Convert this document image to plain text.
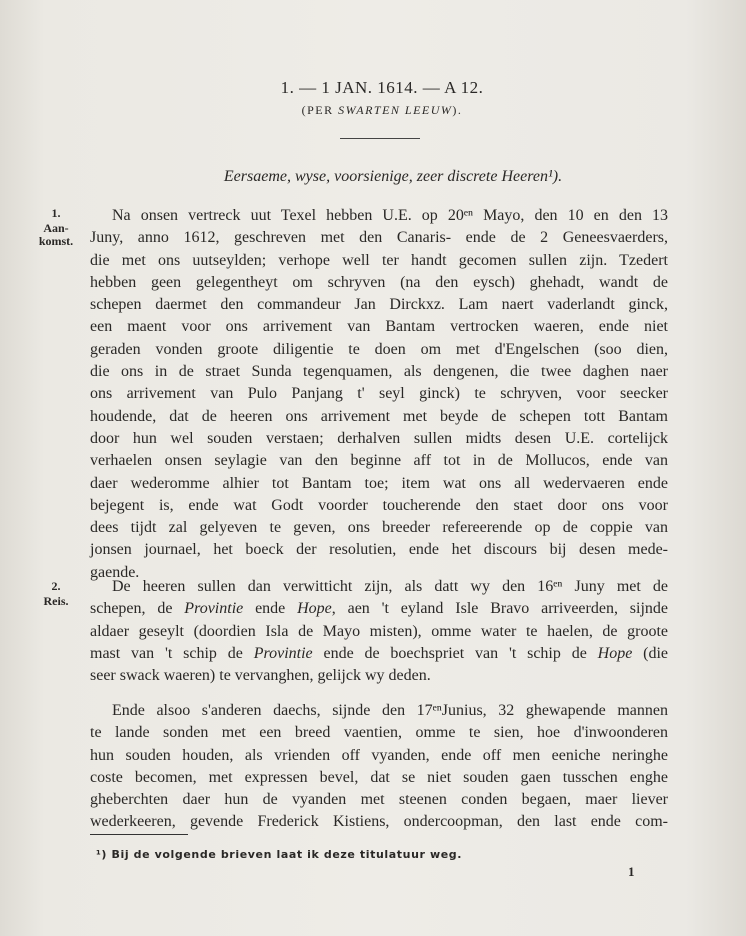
1. — 1 JAN. 1614. — A 12.
(PER SWARTEN LEEUW).
Eersaeme, wyse, voorsienige, zeer discrete Heeren¹).
1.
Aan-
komst.
Na onsen vertreck uut Texel hebben U.E. op 20ᵉⁿ Mayo, den 10 en den 13
Juny, anno 1612, geschreven met den Canaris- ende de 2 Geneesvaerders,
die met ons uutseylden; verhope well ter handt gecomen sullen zijn. Tzedert
hebben geen gelegentheyt om schryven (na den eysch) ghehadt, wandt de
schepen daermet den commandeur Jan Dirckxz. Lam naert vaderlandt ginck,
een maent voor ons arrivement van Bantam vertrocken waeren, ende niet
geraden vonden groote diligentie te doen om met d'Engelschen (soo dien,
die ons in de straet Sunda tegenquamen, als dengenen, die twee daghen naer
ons arrivement van Pulo Panjang t' seyl ginck) te schryven, voor seecker
houdende, dat de heeren ons arrivement met beyde de schepen tott Bantam
door hun wel souden verstaen; derhalven sullen midts desen U.E. cortelijck
verhaelen onsen seylagie van den beginne aff tot in de Mollucos, ende van
daer wederomme alhier tot Bantam toe; item wat ons all wedervaeren ende
bejegent is, ende wat Godt voorder toucherende den staet door ons voor
dees tijdt zal gelyeven te geven, ons breeder refereerende op de coppie van
jonsen journael, het boeck der resolutien, ende het discours bij desen mede-
gaende.
2.
Reis.
De heeren sullen dan verwitticht zijn, als datt wy den 16ᵉⁿ Juny met de
schepen, de Provintie ende Hope, aen 't eyland Isle Bravo arriveerden, sijnde
aldaer geseylt (doordien Isla de Mayo misten), omme water te haelen, de groote
mast van 't schip de Provintie ende de boechspriet van 't schip de Hope (die
seer swack waeren) te vervanghen, gelijck wy deden.
Ende alsoo s'anderen daechs, sijnde den 17ᵉⁿJunius, 32 ghewapende mannen
te lande sonden met een breed vaentien, omme te sien, hoe d'inwoonderen
hun souden houden, als vrienden off vyanden, ende off men eeniche neringhe
coste becomen, met expressen bevel, dat se niet souden gaen tusschen enghe
gheberchten daer hun de vyanden met steenen conden begaen, maer liever
wederkeeren, gevende Frederick Kistiens, ondercoopman, den last ende com-
¹) Bij de volgende brieven laat ik deze titulatuur weg.
1
